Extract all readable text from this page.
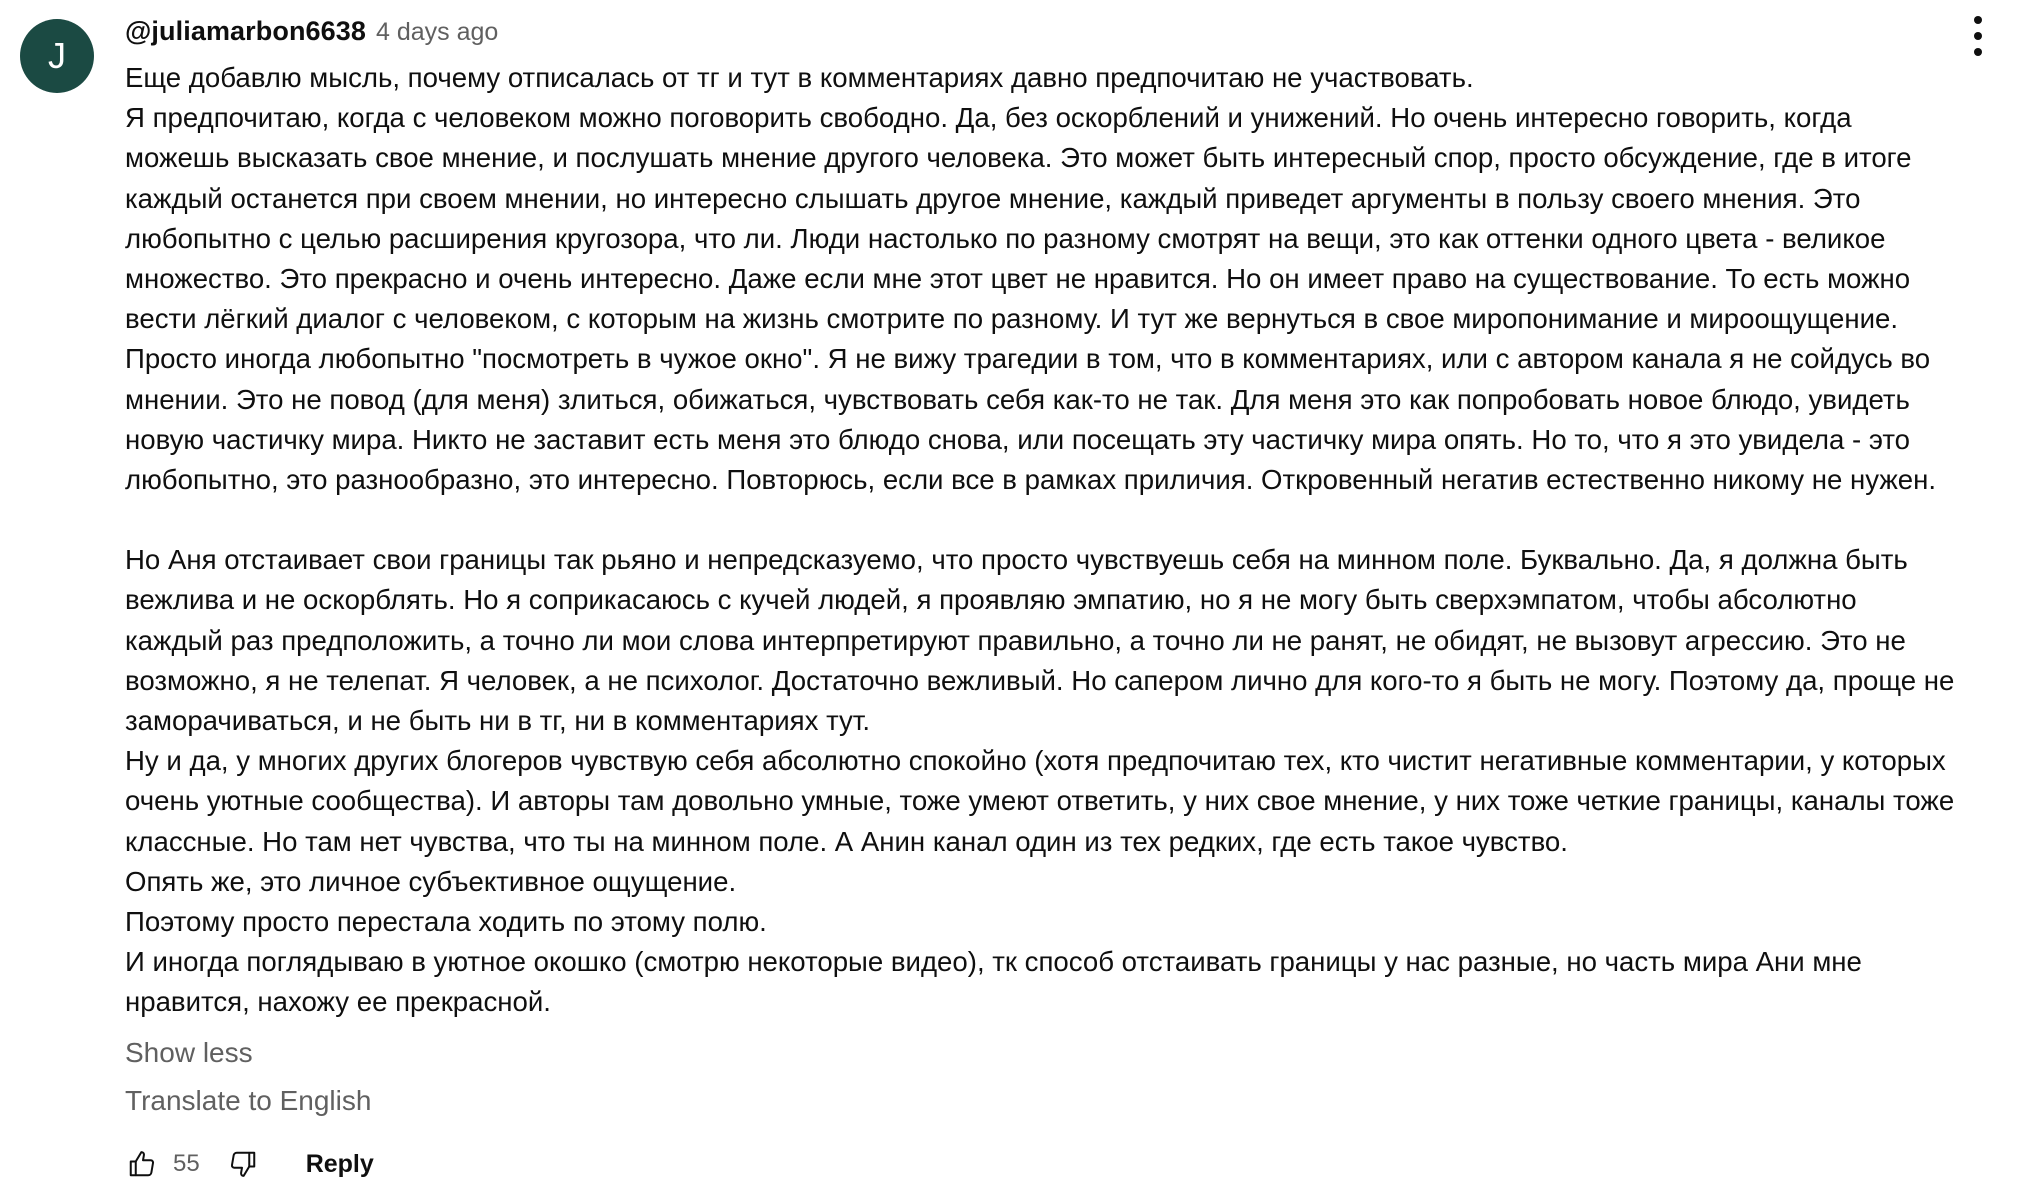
J
@juliamarbon6638 4 days ago
Еще добавлю мысль, почему отписалась от тг и тут в комментариях давно предпочитаю не участвовать.
Я предпочитаю, когда с человеком можно поговорить свободно. Да, без оскорблений и унижений. Но очень интересно говорить, когда
можешь высказать свое мнение, и послушать мнение другого человека. Это может быть интересный спор, просто обсуждение, где в итоге
каждый останется при своем мнении, но интересно слышать другое мнение, каждый приведет аргументы в пользу своего мнения. Это
любопытно с целью расширения кругозора, что ли. Люди настолько по разному смотрят на вещи, это как оттенки одного цвета - великое
множество. Это прекрасно и очень интересно. Даже если мне этот цвет не нравится. Но он имеет право на существование. То есть можно
вести лёгкий диалог с человеком, с которым на жизнь смотрите по разному. И тут же вернуться в свое миропонимание и мироощущение.
Просто иногда любопытно "посмотреть в чужое окно". Я не вижу трагедии в том, что в комментариях, или с автором канала я не сойдусь во
мнении. Это не повод (для меня) злиться, обижаться, чувствовать себя как-то не так. Для меня это как попробовать новое блюдо, увидеть
новую частичку мира. Никто не заставит есть меня это блюдо снова, или посещать эту частичку мира опять. Но то, что я это увидела - это
любопытно, это разнообразно, это интересно. Повторюсь, если все в рамках приличия. Откровенный негатив естественно никому не нужен.
Но Аня отстаивает свои границы так рьяно и непредсказуемо, что просто чувствуешь себя на минном поле. Буквально. Да, я должна быть
вежлива и не оскорблять. Но я соприкасаюсь с кучей людей, я проявляю эмпатию, но я не могу быть сверхэмпатом, чтобы абсолютно
каждый раз предположить, а точно ли мои слова интерпретируют правильно, а точно ли не ранят, не обидят, не вызовут агрессию. Это не
возможно, я не телепат. Я человек, а не психолог. Достаточно вежливый. Но сапером лично для кого-то я быть не могу. Поэтому да, проще не
заморачиваться, и не быть ни в тг, ни в комментариях тут.
Ну и да, у многих других блогеров чувствую себя абсолютно спокойно (хотя предпочитаю тех, кто чистит негативные комментарии, у которых
очень уютные сообщества). И авторы там довольно умные, тоже умеют ответить, у них свое мнение, у них тоже четкие границы, каналы тоже
классные. Но там нет чувства, что ты на минном поле. А Анин канал один из тех редких, где есть такое чувство.
Опять же, это личное субъективное ощущение.
Поэтому просто перестала ходить по этому полю.
И иногда поглядываю в уютное окошко (смотрю некоторые видео), тк способ отстаивать границы у нас разные, но часть мира Ани мне
нравится, нахожу ее прекрасной.
Show less
Translate to English
55	Reply
